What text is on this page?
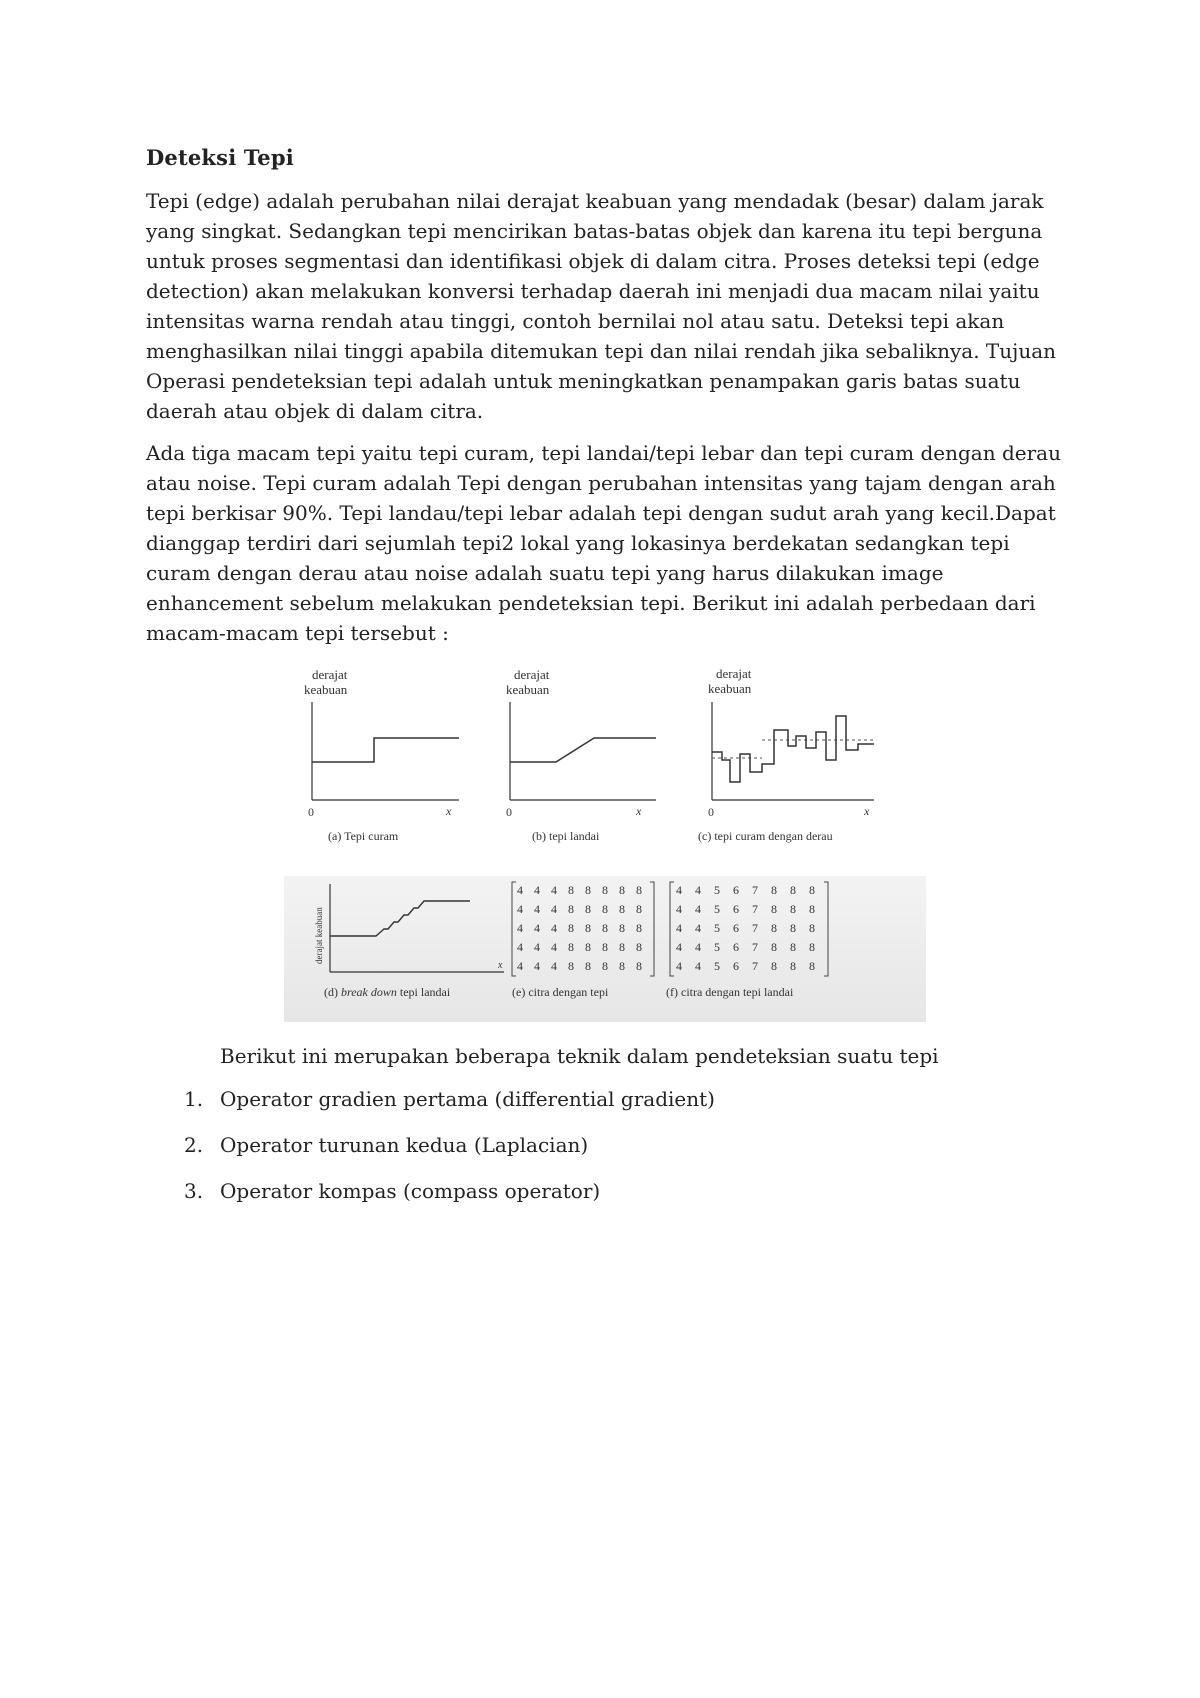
Deteksi Tepi

Tepi (edge) adalah perubahan nilai derajat keabuan yang mendadak (besar) dalam jarak yang singkat. Sedangkan tepi mencirikan batas-batas objek dan karena itu tepi berguna untuk proses segmentasi dan identifikasi objek di dalam citra. Proses deteksi tepi (edge detection) akan melakukan konversi terhadap daerah ini menjadi dua macam nilai yaitu intensitas warna rendah atau tinggi, contoh bernilai nol atau satu. Deteksi tepi akan menghasilkan nilai tinggi apabila ditemukan tepi dan nilai rendah jika sebaliknya. Tujuan Operasi pendeteksian tepi adalah untuk meningkatkan penampakan garis batas suatu daerah atau objek di dalam citra.

Ada tiga macam tepi yaitu tepi curam, tepi landai/tepi lebar dan tepi curam dengan derau atau noise. Tepi curam adalah Tepi dengan perubahan intensitas yang tajam dengan arah tepi berkisar 90%. Tepi landau/tepi lebar adalah tepi dengan sudut arah yang kecil.Dapat dianggap terdiri dari sejumlah tepi2 lokal yang lokasinya berdekatan sedangkan tepi curam dengan derau atau noise adalah suatu tepi yang harus dilakukan image enhancement sebelum melakukan pendeteksian tepi. Berikut ini adalah perbedaan dari macam-macam tepi tersebut :

derajat
keabuan
0	x
(a) Tepi curam
derajat
keabuan
0	x
(b) tepi landai
derajat
keabuan
0	x
(c) tepi curam dengan derau
derajat keabuan
x
(d) break down tepi landai	(e) citra dengan tepi
4 4 4 8 8 8 8 8
4 4 4 8 8 8 8 8
4 4 4 8 8 8 8 8
4 4 4 8 8 8 8 8
4 4 4 8 8 8 8 8
(f) citra dengan tepi landai
4 4 5 6 7 8 8 8
4 4 5 6 7 8 8 8
4 4 5 6 7 8 8 8
4 4 5 6 7 8 8 8
4 4 5 6 7 8 8 8

Berikut ini merupakan beberapa teknik dalam pendeteksian suatu tepi

1. Operator gradien pertama (differential gradient)
2. Operator turunan kedua (Laplacian)
3. Operator kompas (compass operator)
